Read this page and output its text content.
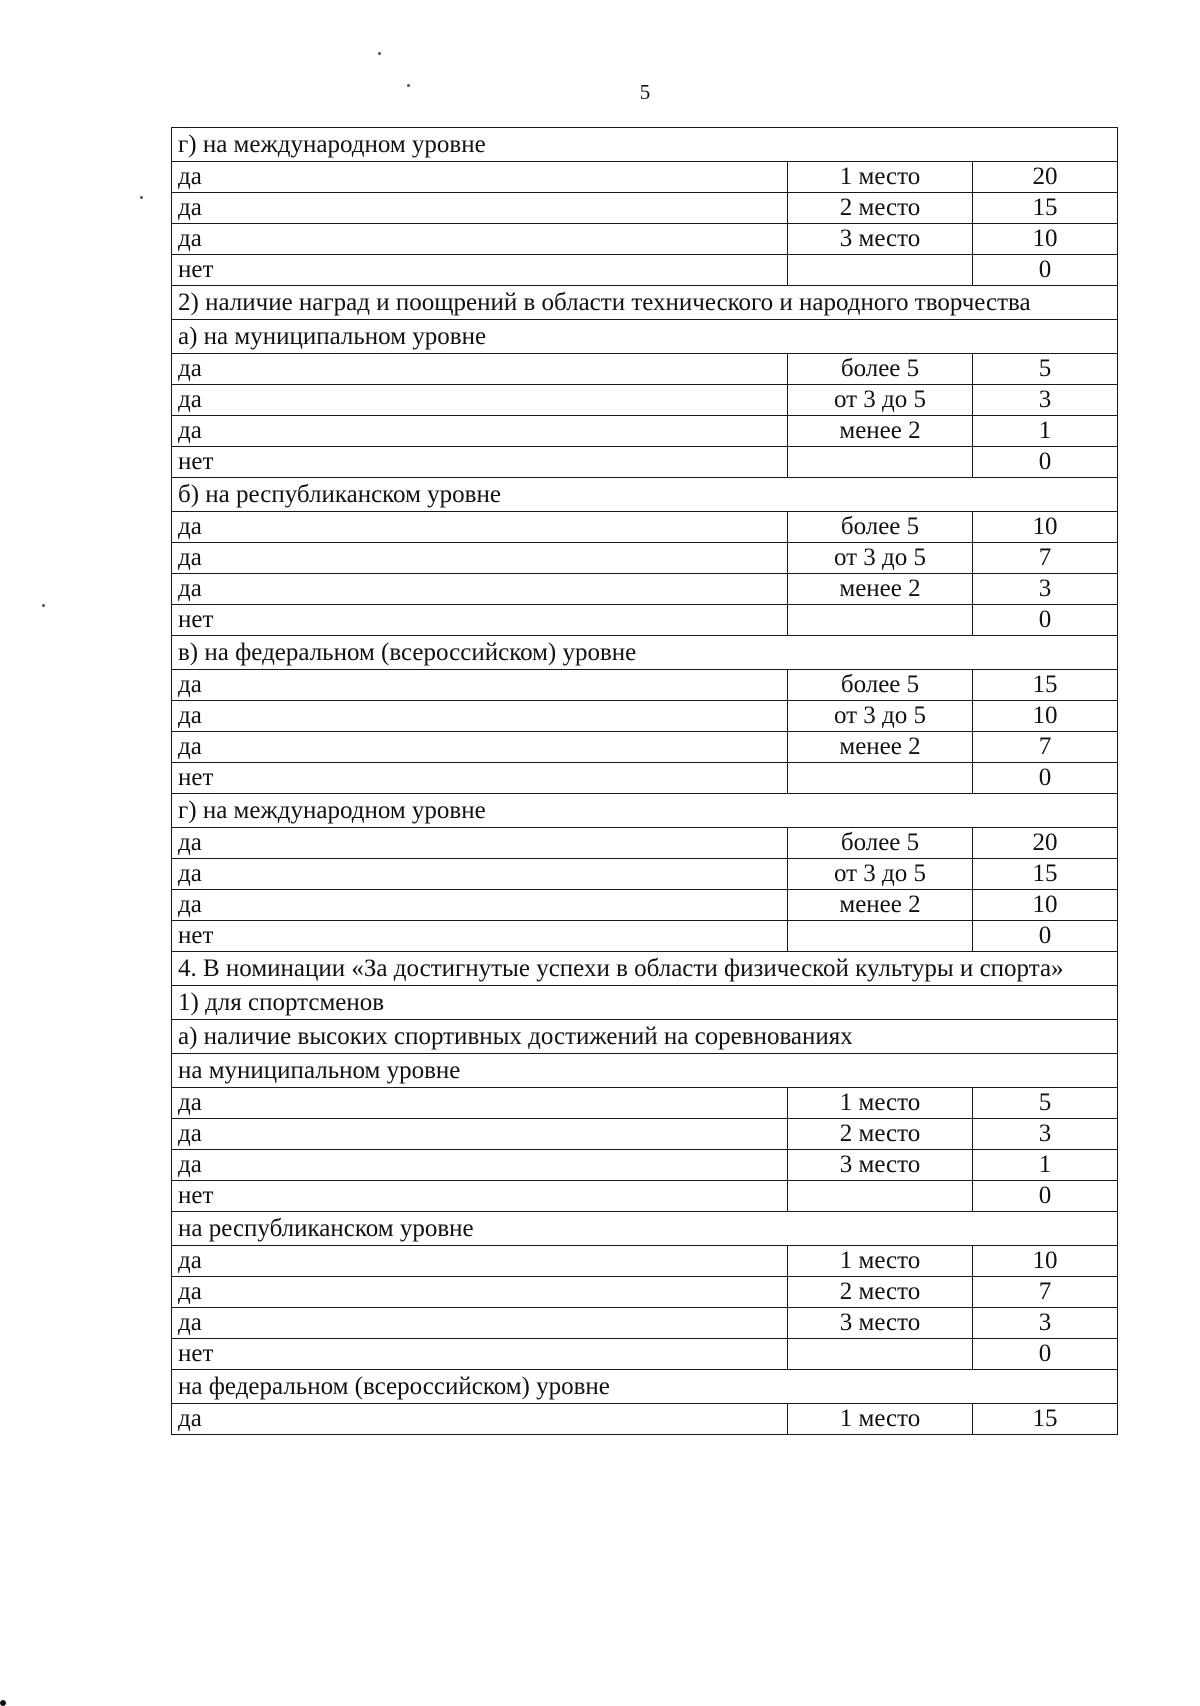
5
г) на международном уровне		
да	1 место	20
да	2 место	15
да	3 место	10
нет		0
2) наличие наград и поощрений в области технического и народного творчества		
а) на муниципальном уровне		
да	более 5	5
да	от 3 до 5	3
да	менее 2	1
нет		0
б) на республиканском уровне		
да	более 5	10
да	от 3 до 5	7
да	менее 2	3
нет		0
в) на федеральном (всероссийском) уровне		
да	более 5	15
да	от 3 до 5	10
да	менее 2	7
нет		0
г) на международном уровне		
да	более 5	20
да	от 3 до 5	15
да	менее 2	10
нет		0
4. В номинации «За достигнутые успехи в области физической культуры и спорта»		
1) для спортсменов		
а) наличие высоких спортивных достижений на соревнованиях		
на муниципальном уровне		
да	1 место	5
да	2 место	3
да	3 место	1
нет		0
на республиканском уровне		
да	1 место	10
да	2 место	7
да	3 место	3
нет		0
на федеральном (всероссийском) уровне		
да	1 место	15
